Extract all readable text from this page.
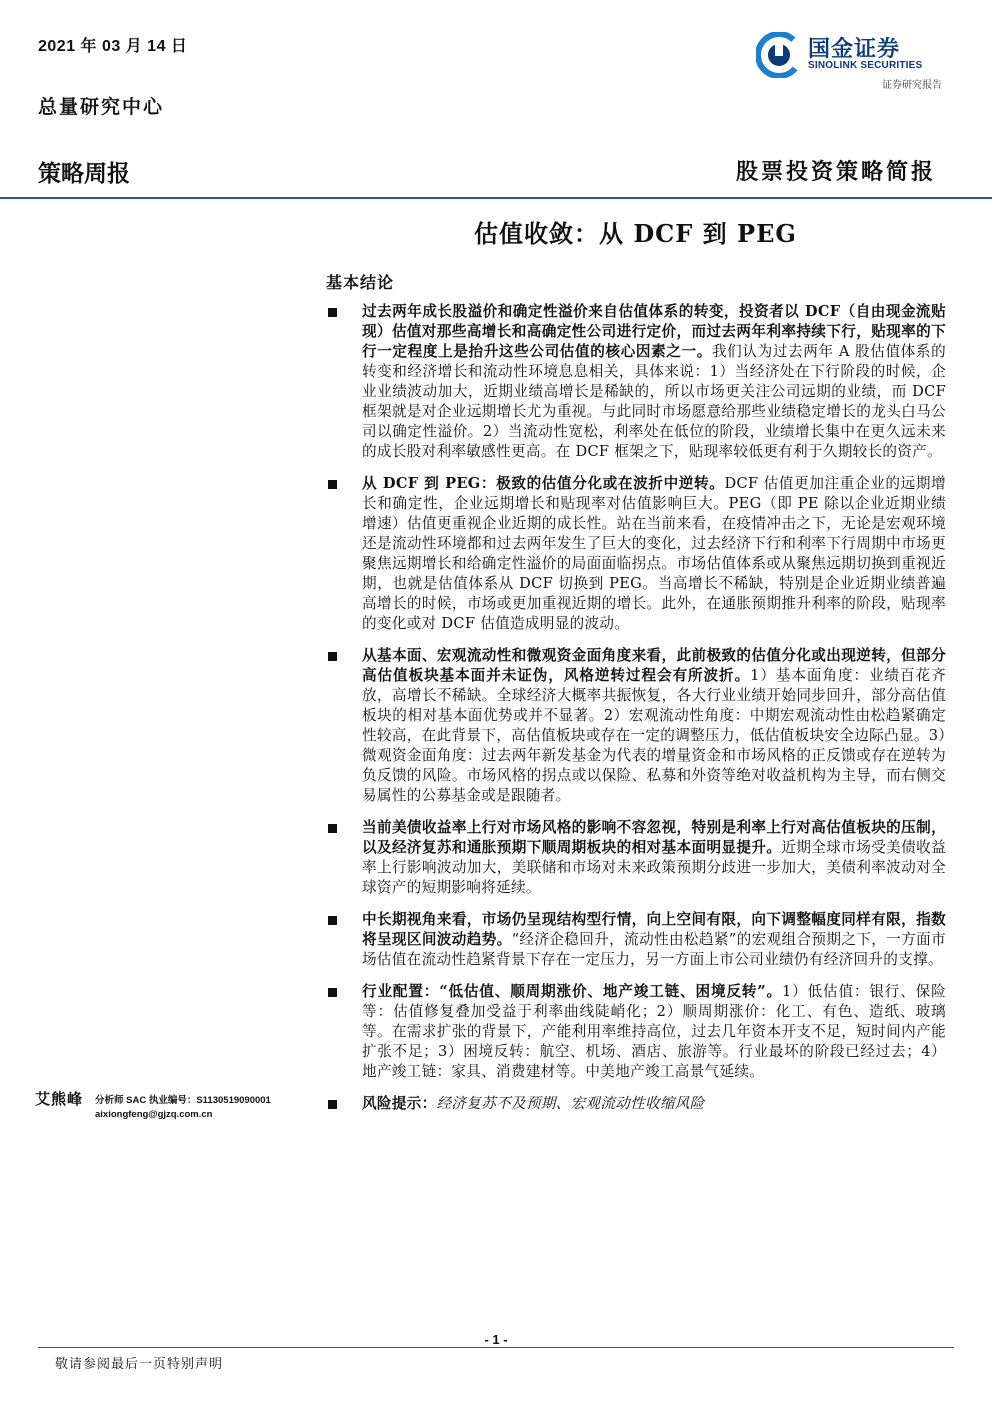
2021 年 03 月 14 日
总量研究中心
国金证券
SINOLINK SECURITIES
证券研究报告
策略周报	股票投资策略简报
估值收敛：从 DCF 到 PEG
基本结论
过去两年成长股溢价和确定性溢价来自估值体系的转变，投资者以 DCF（自由现金流贴现）估值对那些高增长和高确定性公司进行定价，而过去两年利率持续下行，贴现率的下行一定程度上是抬升这些公司估值的核心因素之一。我们认为过去两年 A 股估值体系的转变和经济增长和流动性环境息息相关，具体来说：1）当经济处在下行阶段的时候，企业业绩波动加大，近期业绩高增长是稀缺的，所以市场更关注公司远期的业绩，而 DCF 框架就是对企业远期增长尤为重视。与此同时市场愿意给那些业绩稳定增长的龙头白马公司以确定性溢价。2）当流动性宽松，利率处在低位的阶段，业绩增长集中在更久远未来的成长股对利率敏感性更高。在 DCF 框架之下，贴现率较低更有利于久期较长的资产。
从 DCF 到 PEG：极致的估值分化或在波折中逆转。DCF 估值更加注重企业的远期增长和确定性，企业远期增长和贴现率对估值影响巨大。PEG（即 PE 除以企业近期业绩增速）估值更重视企业近期的成长性。站在当前来看，在疫情冲击之下，无论是宏观环境还是流动性环境都和过去两年发生了巨大的变化，过去经济下行和利率下行周期中市场更聚焦远期增长和给确定性溢价的局面面临拐点。市场估值体系或从聚焦远期切换到重视近期，也就是估值体系从 DCF 切换到 PEG。当高增长不稀缺，特别是企业近期业绩普遍高增长的时候，市场或更加重视近期的增长。此外，在通胀预期推升利率的阶段，贴现率的变化或对 DCF 估值造成明显的波动。
从基本面、宏观流动性和微观资金面角度来看，此前极致的估值分化或出现逆转，但部分高估值板块基本面并未证伪，风格逆转过程会有所波折。1）基本面角度：业绩百花齐放，高增长不稀缺。全球经济大概率共振恢复，各大行业业绩开始同步回升，部分高估值板块的相对基本面优势或并不显著。2）宏观流动性角度：中期宏观流动性由松趋紧确定性较高，在此背景下，高估值板块或存在一定的调整压力，低估值板块安全边际凸显。3）微观资金面角度：过去两年新发基金为代表的增量资金和市场风格的正反馈或存在逆转为负反馈的风险。市场风格的拐点或以保险、私募和外资等绝对收益机构为主导，而右侧交易属性的公募基金或是跟随者。
当前美债收益率上行对市场风格的影响不容忽视，特别是利率上行对高估值板块的压制，以及经济复苏和通胀预期下顺周期板块的相对基本面明显提升。近期全球市场受美债收益率上行影响波动加大，美联储和市场对未来政策预期分歧进一步加大，美债利率波动对全球资产的短期影响将延续。
中长期视角来看，市场仍呈现结构型行情，向上空间有限，向下调整幅度同样有限，指数将呈现区间波动趋势。“经济企稳回升，流动性由松趋紧”的宏观组合预期之下，一方面市场估值在流动性趋紧背景下存在一定压力，另一方面上市公司业绩仍有经济回升的支撑。
行业配置：“低估值、顺周期涨价、地产竣工链、困境反转”。1）低估值：银行、保险等：估值修复叠加受益于利率曲线陡峭化；2）顺周期涨价：化工、有色、造纸、玻璃等。在需求扩张的背景下，产能利用率维持高位，过去几年资本开支不足，短时间内产能扩张不足；3）困境反转：航空、机场、酒店、旅游等。行业最坏的阶段已经过去；4）地产竣工链：家具、消费建材等。中美地产竣工高景气延续。
风险提示：经济复苏不及预期、宏观流动性收缩风险
艾熊峰 分析师 SAC 执业编号：S1130519090001
aixiongfeng@gjzq.com.cn
- 1 -
敬请参阅最后一页特别声明
